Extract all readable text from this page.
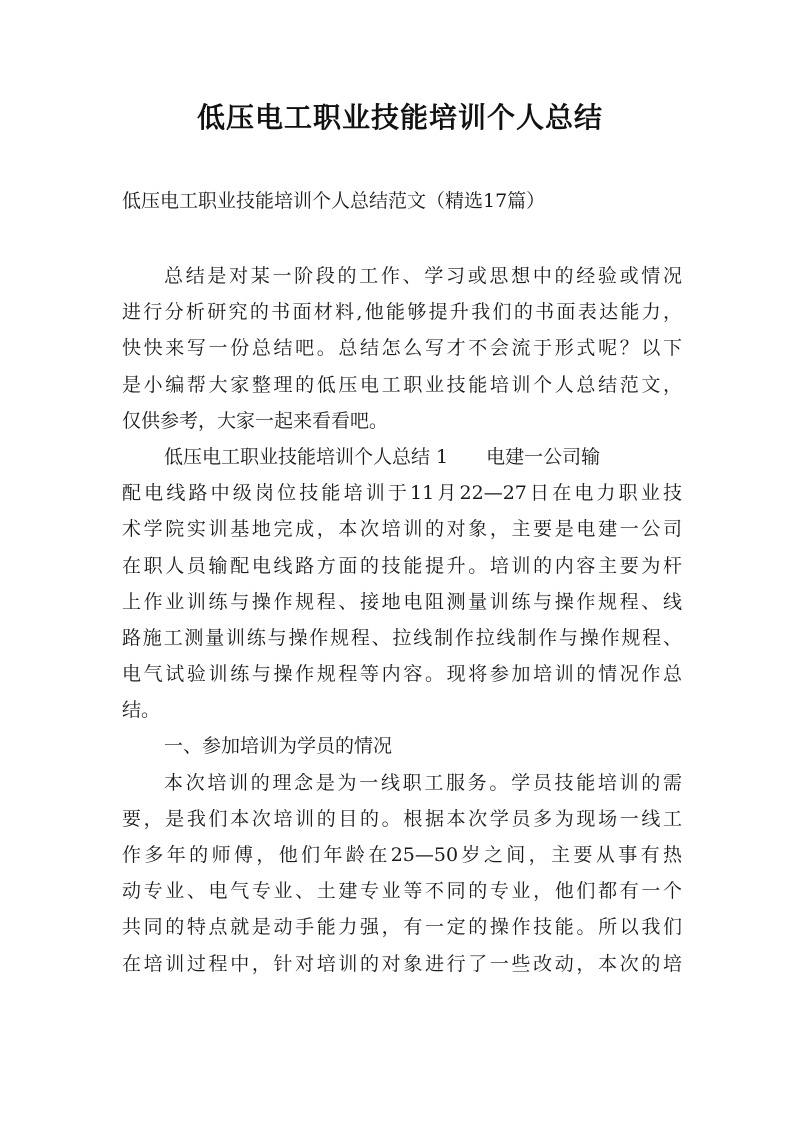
低压电工职业技能培训个人总结
低压电工职业技能培训个人总结范文（精选17篇）
总结是对某一阶段的工作、学习或思想中的经验或情况
进行分析研究的书面材料,他能够提升我们的书面表达能力，
快快来写一份总结吧。总结怎么写才不会流于形式呢？以下
是小编帮大家整理的低压电工职业技能培训个人总结范文，
仅供参考，大家一起来看看吧。
低压电工职业技能培训个人总结 1 电建一公司输
配电线路中级岗位技能培训于11月22—27日在电力职业技
术学院实训基地完成，本次培训的对象，主要是电建一公司
在职人员输配电线路方面的技能提升。培训的内容主要为杆
上作业训练与操作规程、接地电阻测量训练与操作规程、线
路施工测量训练与操作规程、拉线制作拉线制作与操作规程、
电气试验训练与操作规程等内容。现将参加培训的情况作总
结。
一、参加培训为学员的情况
本次培训的理念是为一线职工服务。学员技能培训的需
要，是我们本次培训的目的。根据本次学员多为现场一线工
作多年的师傅，他们年龄在25—50岁之间，主要从事有热
动专业、电气专业、土建专业等不同的专业，他们都有一个
共同的特点就是动手能力强，有一定的操作技能。所以我们
在培训过程中，针对培训的对象进行了一些改动，本次的培
